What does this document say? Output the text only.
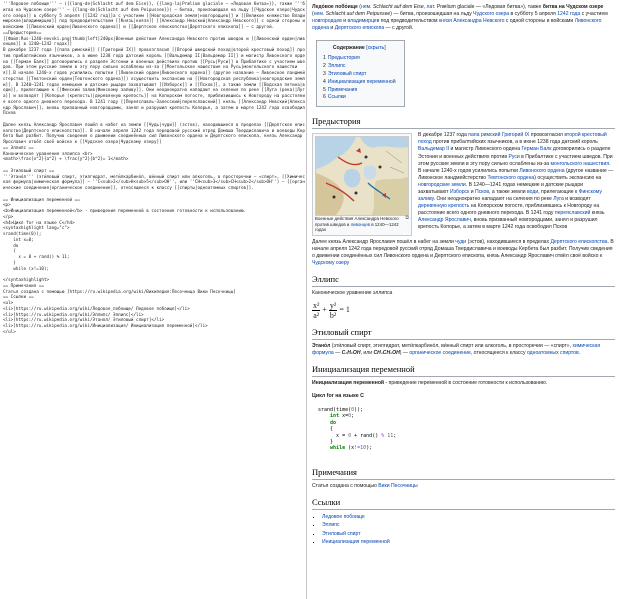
'''Ледовое побоище''' — ({{lang-de|Schlacht auf dem Eise}}, {{lang-la|Prælium glaciale — «Ледовая битва»}}, также '''битва на Чудском озере''' — {{lang-de|Schlacht auf dem Peipussee}}) — битва, произошедшая на льду [[Чудское озеро|Чудского озера]] в субботу 5 апреля [[1242 год]]а с участием [[Новгородская земля|новгородцев]] и [[Великое княжество Владимирское|владимирцев]] под предводительством [[Князь|князя]] [[Александр Невский|Александр Невского]] с одной стороны и войсками [[Ливонский орден|Ливонского ордена]] и [[Дерптское епископство|Дерптского епископа]] — с другой.
==Предыстория==
[[Файл:Rus-1240-nevski.png|thumb|left|240px|Военные действия Александра Невского против шведов и [[Ливонский орден|ливонцев]] в 1240—1242 годах]]
В декабре 1237 года [[папа римский]] [[Григорий IX]] провозгласил [[Второй шведский поход|второй крестовый поход]] против прибалтийских язычников, а в июне 1238 года датский король [[Вальдемар II|Вальдемар II]] и магистр Ливонского ордена [[Герман Балк]] договорились о разделе Эстонии и военных действиях против [[Русь|Руси]] в Прибалтике с участием шведов. При этом русские земли в эту пору сильно ослаблены из-за [[Монгольское нашествие на Русь|монгольского нашествия]].В начале 1240-х годов усилились попытки [[Ливонский орден|Ливонского ордена]] (другое название — Ливонское ландмейстерство [[Тевтонский орден|Тевтонского ордена]]) осуществить экспансию на [[Новгородская республика|новгородские земли]]. В 1240—1241 годах немецкие и датские рыцари захватывают [[Изборск]] и [[Псков]], а также земли [[Водская пятина|води]], прилегающие к [[Финский залив|Финскому заливу]]. Они неоднократно нападают на селения по реке [[Луга (река)|Луга]] и возводят [[Копорье (крепость)|деревянную крепость]] на Копорском погосте, приблизившись к Новгороду на расстояние всего одного дневного перехода. В 1241 году [[Переяславль-Залесский|переяславский]] князь [[Александр Невский|Александр Ярославич]], вновь призванный новгородцами, занял и разрушил крепость Копорье, а затем в марте 1242 года освободил Псков

Далее князь Александр Ярославич пошёл в набег на земли [[Чудь|чуди]] (эстов), находившиеся в пределах [[Дерптское епископство|Дерптского епископства]]. В начале апреля 1242 года передовой русский отряд Домаша Твердиславича и воеводы Кербета был разбит. Получив сведения о движении соединённых сил Ливонского ордена и Дерптского епископа, князь Александр Ярославич отвёл своё войско к [[Чудское озеро|Чудскому озеру]]
== Эллипс ==
Каноническое уравнение эллипса <br>
<math>\frac{x^2}{a^2} + \frac{y^2}{b^2}= 1</math>

== Этиловый спирт ==
'''Этано́л''' (эти́ловый спирт, этилгидрат, мети́лкарбино́л, ви́нный спирт или алкоголь, в просторечии — «спирт», [[Химическая формула|химическая формула]] — ''C<sub>2</sub>H<sub>5</sub>OH'', или ''CH<sub>3</sub>CH<sub>2</sub>OH'') — [[органические соединения|органическое соединение]], относящееся к классу [[спирты|одноатомных спиртов]].

== Инициализация переменной ==
<p>
<b>Инициализация переменной</b> - приведение переменной в состоение готовности к использованию.
</p>
<h4>Цикл for на языке C</h4>
<syntaxhighlight lang="c">
srand(time(0));
int x=0;
do
{
x = 0 + rand() % 11;
}
while (x!=10);

</syntaxhighlight>
== Примечания ==
Статья создана с помощью [https://ru.wikipedia.org/wiki/Википедия:Песочница Вики Песочницы]
== Ссылки ==
<ul>
<li>[https://ru.wikipedia.org/wiki/Ледовое_побоище/ Ледовое побоище]</li>
<li>[https://ru.wikipedia.org/wiki/Эллипс/ Эллипс]</li>
<li>[https://ru.wikipedia.org/wiki/Этанол/ Этиловый спирт]</li>
<li>[https://ru.wikipedia.org/wiki/Инициализация/ Инициализация переменной]</li>
</ul>

Ледо́вое побо́ище (нем. Schlacht auf dem Eise, лат. Prælium glaciale — «Ледовая битва»), также битва на Чудском озере (нем. Schlacht auf dem Peipussee) — битва, произошедшая на льду Чудского озера в субботу 5 апреля 1242 года с участием новгородцев и владимирцев под предводительством князя Александра Невского с одной стороны и войсками Ливонского ордена и Дерптского епископа — с другой.

Содержание [скрыть]
1 Предыстория
2 Эллипс
3 Этиловый спирт
4 Инициализация переменной
5 Примечания
6 Ссылки
Предыстория
⧉
Военные действия Александра Невского против шведов и ливонцев в 1240—1242 годах

В декабре 1237 года папа римский Григорий IX провозгласил второй крестовый поход против прибалтийских язычников, а в июне 1238 года датский король Вальдемар II и магистр Ливонского ордена Герман Балк договорились о разделе Эстонии и военных действиях против Руси в Прибалтике с участием шведов. При этом русские земли в эту пору сильно ослаблены из-за монгольского нашествия. В начале 1240-х годов усилились попытки Ливонского ордена (другое название — Ливонское ландмейстерство Тевтонского ордена) осуществить экспансию на новгородские земли. В 1240—1241 годах немецкие и датские рыцари захватывают Изборск и Псков, а также земли води, прилегающие к Финскому заливу. Они неоднократно нападают на селения по реке Луга и возводят деревянную крепость на Копорском погосте, приблизившись к Новгороду на расстояние всего одного дневного перехода. В 1241 году переяславский князь Александр Ярославич, вновь призванный новгородцами, занял и разрушил крепость Копорье, а затем в марте 1242 года освободил Псков

Далее князь Александр Ярославич пошёл в набег на земли чуди (эстов), находившиеся в пределах Дерптского епископства. В начале апреля 1242 года передовой русский отряд Домаша Твердиславича и воеводы Кербета был разбит. Получив сведения о движении соединённых сил Ливонского ордена и Дерптского епископа, князь Александр Ярославич отвёл своё войско к Чудскому озеру

Эллипс
Каноническое уравнение эллипса
$\frac{\text{x²}}{\text{a²}} + \frac{\text{y²}}{\text{b²}} = 1$
Этиловый спирт

Этано́л (эти́ловый спирт, этилгидрат, мети́лкарбино́л, ви́нный спирт или алкоголь, в просторечии — «спирт», химическая формула — C₂H₅OH, или CH₃CH₂OH) — органическое соединение, относящееся к классу одноатомных спиртов.

Инициализация переменной

Инициализация переменной - приведение переменной в состоение готовности к использованию.

Цикл for на языке C
srand(time(0));
int x=0;
do
{
x = 0 + rand() % 11;
}
while (x!=10);
Примечания

Статья создана с помощью Вики Песочницы

Ссылки
▪ Ледовое побоище
▪ Эллипс
▪ Этиловый спирт
▪ Инициализация переменной
